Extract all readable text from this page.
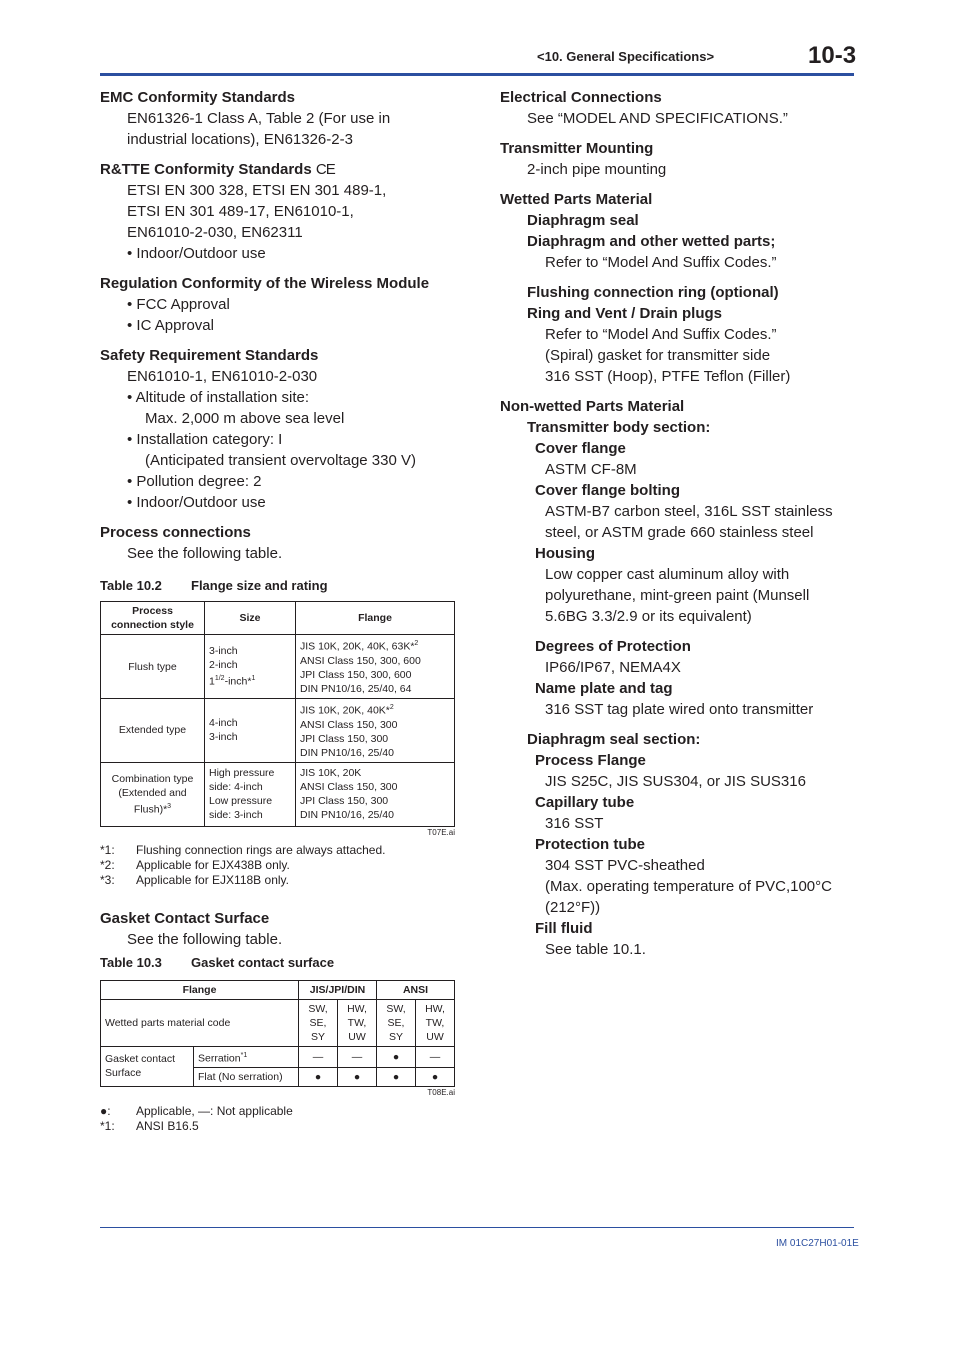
<10. General Specifications>	10-3
EMC Conformity Standards
EN61326-1 Class A, Table 2 (For use in
industrial locations), EN61326-2-3
R&TTE Conformity Standards CE
ETSI EN 300 328, ETSI EN 301 489-1,
ETSI EN 301 489-17, EN61010-1,
EN61010-2-030, EN62311
• Indoor/Outdoor use
Regulation Conformity of the Wireless Module
• FCC Approval
• IC Approval
Safety Requirement Standards
EN61010-1, EN61010-2-030
• Altitude of installation site:
Max. 2,000 m above sea level
• Installation category: I
(Anticipated transient overvoltage 330 V)
• Pollution degree: 2
• Indoor/Outdoor use
Process connections
See the following table.
Table 10.2 Flange size and rating
Process
connection style	Size	Flange
Flush type	3-inch
2-inch
$1^{1/2}-inch*^1$	JIS 10K, 20K, 40K, 63K*$^2$
ANSI Class 150, 300, 600
JPI Class 150, 300, 600
DIN PN10/16, 25/40, 64
Extended type	4-inch
3-inch	JIS 10K, 20K, 40K*$^2$
ANSI Class 150, 300
JPI Class 150, 300
DIN PN10/16, 25/40
Combination type
(Extended and
Flush)*$^3$	High pressure
side: 4-inch
Low pressure
side: 3-inch	JIS 10K, 20K
ANSI Class 150, 300
JPI Class 150, 300
DIN PN10/16, 25/40
T07E.ai
*1: Flushing connection rings are always attached.
*2: Applicable for EJX438B only.
*3: Applicable for EJX118B only.
Gasket Contact Surface
See the following table.
Table 10.3 Gasket contact surface
Flange		JIS/JPI/DIN		ANSI	
Wetted parts material code		SW,
SE,
SY	HW,
TW,
UW	SW,
SE,
SY	HW,
TW,
UW
Gasket contact
Surface	Serration$^{*1}$	—	—	●	—
	Flat (No serration)	●	●	●	●
T08E.ai
●: Applicable, —: Not applicable
*1: ANSI B16.5
Electrical Connections
See “MODEL AND SPECIFICATIONS.”
Transmitter Mounting
2-inch pipe mounting
Wetted Parts Material
Diaphragm seal
Diaphragm and other wetted parts;
Refer to “Model And Suffix Codes.”
Flushing connection ring (optional)
Ring and Vent / Drain plugs
Refer to “Model And Suffix Codes.”
(Spiral) gasket for transmitter side
316 SST (Hoop), PTFE Teflon (Filler)
Non-wetted Parts Material
Transmitter body section:
Cover flange
ASTM CF-8M
Cover flange bolting
ASTM-B7 carbon steel, 316L SST stainless
steel, or ASTM grade 660 stainless steel
Housing
Low copper cast aluminum alloy with
polyurethane, mint-green paint (Munsell
5.6BG 3.3/2.9 or its equivalent)
Degrees of Protection
IP66/IP67, NEMA4X
Name plate and tag
316 SST tag plate wired onto transmitter
Diaphragm seal section:
Process Flange
JIS S25C, JIS SUS304, or JIS SUS316
Capillary tube
316 SST
Protection tube
304 SST PVC-sheathed
(Max. operating temperature of PVC,100°C
(212°F))
Fill fluid
See table 10.1.
IM 01C27H01-01E
